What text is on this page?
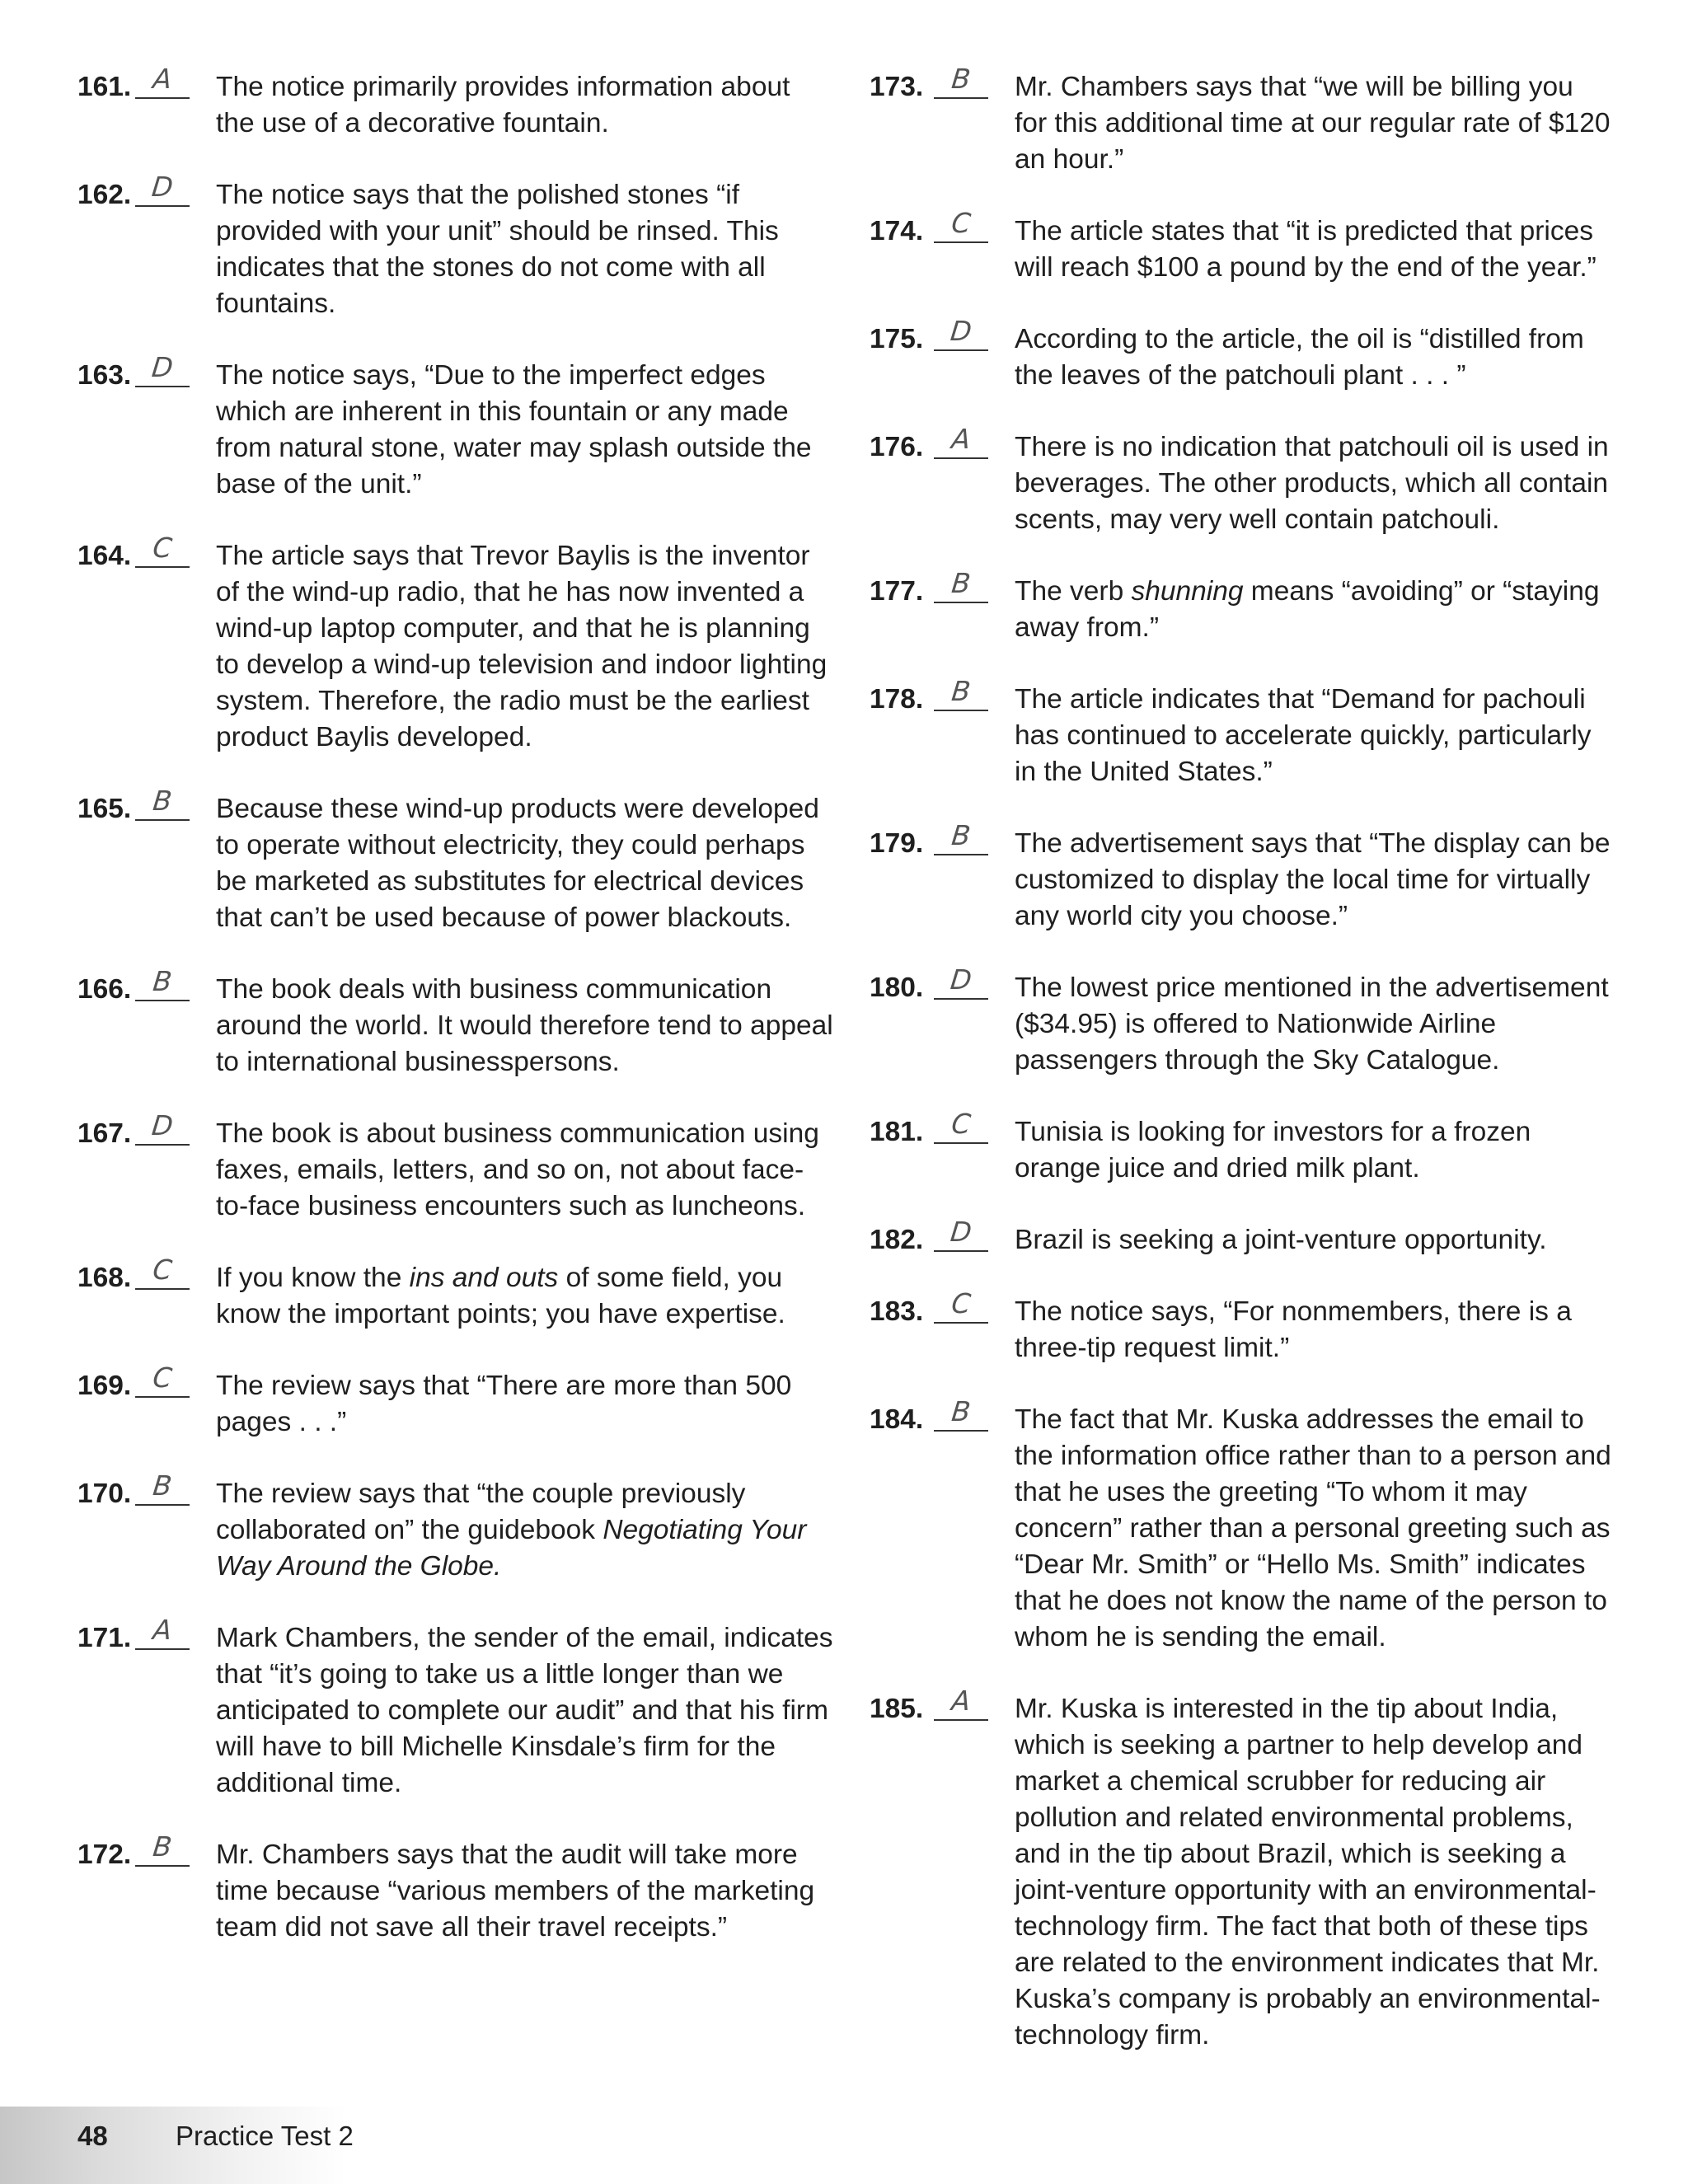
161. A	The notice primarily provides information about the use of a decorative fountain.
162. D	The notice says that the polished stones “if provided with your unit” should be rinsed. This indicates that the stones do not come with all fountains.
163. D	The notice says, “Due to the imperfect edges which are inherent in this fountain or any made from natural stone, water may splash outside the base of the unit.”
164. C	The article says that Trevor Baylis is the inventor of the wind-up radio, that he has now invented a wind-up laptop computer, and that he is planning to develop a wind-up television and indoor lighting system. Therefore, the radio must be the earliest product Baylis developed.
165. B	Because these wind-up products were developed to operate without electricity, they could perhaps be marketed as substitutes for electrical devices that can’t be used because of power blackouts.
166. B	The book deals with business communication around the world. It would therefore tend to appeal to international businesspersons.
167. D	The book is about business communication using faxes, emails, letters, and so on, not about face-to-face business encounters such as luncheons.
168. C	If you know the ins and outs of some field, you know the important points; you have expertise.
169. C	The review says that “There are more than 500 pages . . .”
170. B	The review says that “the couple previously collaborated on” the guidebook Negotiating Your Way Around the Globe.
171. A	Mark Chambers, the sender of the email, indicates that “it’s going to take us a little longer than we anticipated to complete our audit” and that his firm will have to bill Michelle Kinsdale’s firm for the additional time.
172. B	Mr. Chambers says that the audit will take more time because “various members of the marketing team did not save all their travel receipts.”
173. B	Mr. Chambers says that “we will be billing you for this additional time at our regular rate of $120 an hour.”
174. C	The article states that “it is predicted that prices will reach $100 a pound by the end of the year.”
175. D	According to the article, the oil is “distilled from the leaves of the patchouli plant . . . ”
176. A	There is no indication that patchouli oil is used in beverages. The other products, which all contain scents, may very well contain patchouli.
177. B	The verb shunning means “avoiding” or “staying away from.”
178. B	The article indicates that “Demand for pachouli has continued to accelerate quickly, particularly in the United States.”
179. B	The advertisement says that “The display can be customized to display the local time for virtually any world city you choose.”
180. D	The lowest price mentioned in the advertisement ($34.95) is offered to Nationwide Airline passengers through the Sky Catalogue.
181. C	Tunisia is looking for investors for a frozen orange juice and dried milk plant.
182. D	Brazil is seeking a joint-venture opportunity.
183. C	The notice says, “For nonmembers, there is a three-tip request limit.”
184. B	The fact that Mr. Kuska addresses the email to the information office rather than to a person and that he uses the greeting “To whom it may concern” rather than a personal greeting such as “Dear Mr. Smith” or “Hello Ms. Smith” indicates that he does not know the name of the person to whom he is sending the email.
185. A	Mr. Kuska is interested in the tip about India, which is seeking a partner to help develop and market a chemical scrubber for reducing air pollution and related environmental problems, and in the tip about Brazil, which is seeking a joint-venture opportunity with an environmental-technology firm. The fact that both of these tips are related to the environment indicates that Mr. Kuska’s company is probably an environmental-technology firm.
48 Practice Test 2
